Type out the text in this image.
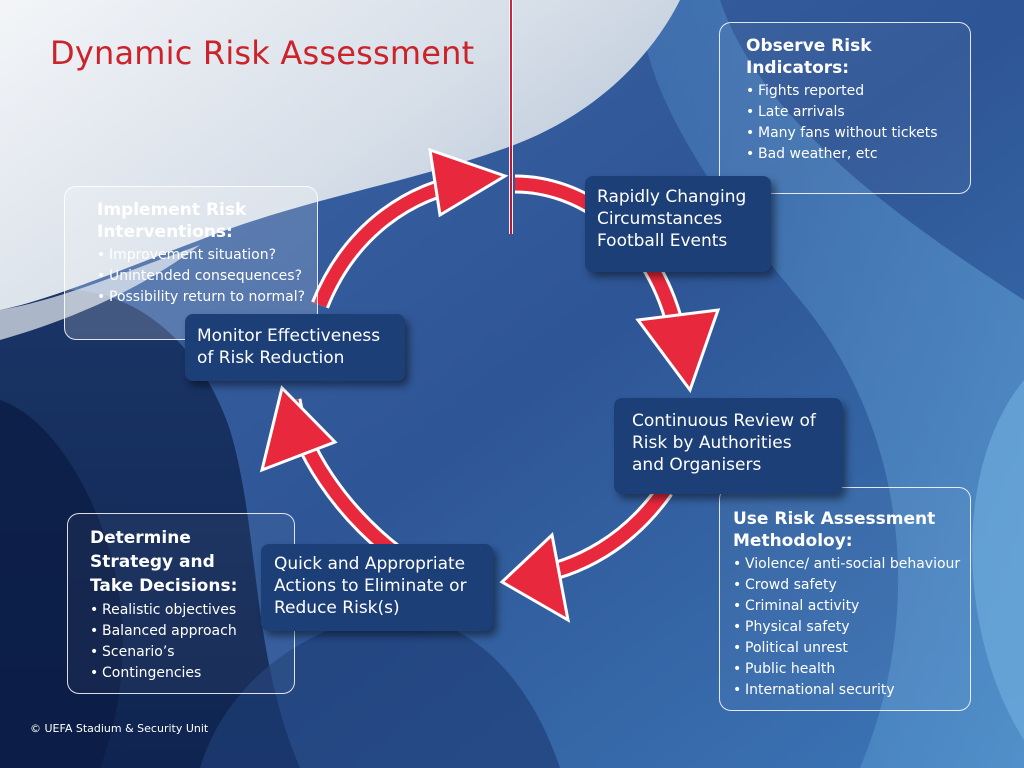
Dynamic Risk Assessment	Observe Risk Indicators:
• Fights reported
• Late arrivals
• Many fans without tickets
• Bad weather, etc
Implement Risk Interventions:
• Improvement situation?
• Unintended consequences?
• Possibility return to normal?
Use Risk Assessment Methodoloy:
• Violence/ anti-social behaviour
• Crowd safety
• Criminal activity
• Physical safety
• Political unrest
• Public health
• International security
Determine Strategy and Take Decisions:
• Realistic objectives
• Balanced approach
• Scenario’s
• Contingencies
Rapidly Changing Circumstances Football Events
Continuous Review of Risk by Authorities and Organisers
Quick and Appropriate Actions to Eliminate or Reduce Risk(s)
Monitor Effectiveness of Risk Reduction
© UEFA Stadium & Security Unit
